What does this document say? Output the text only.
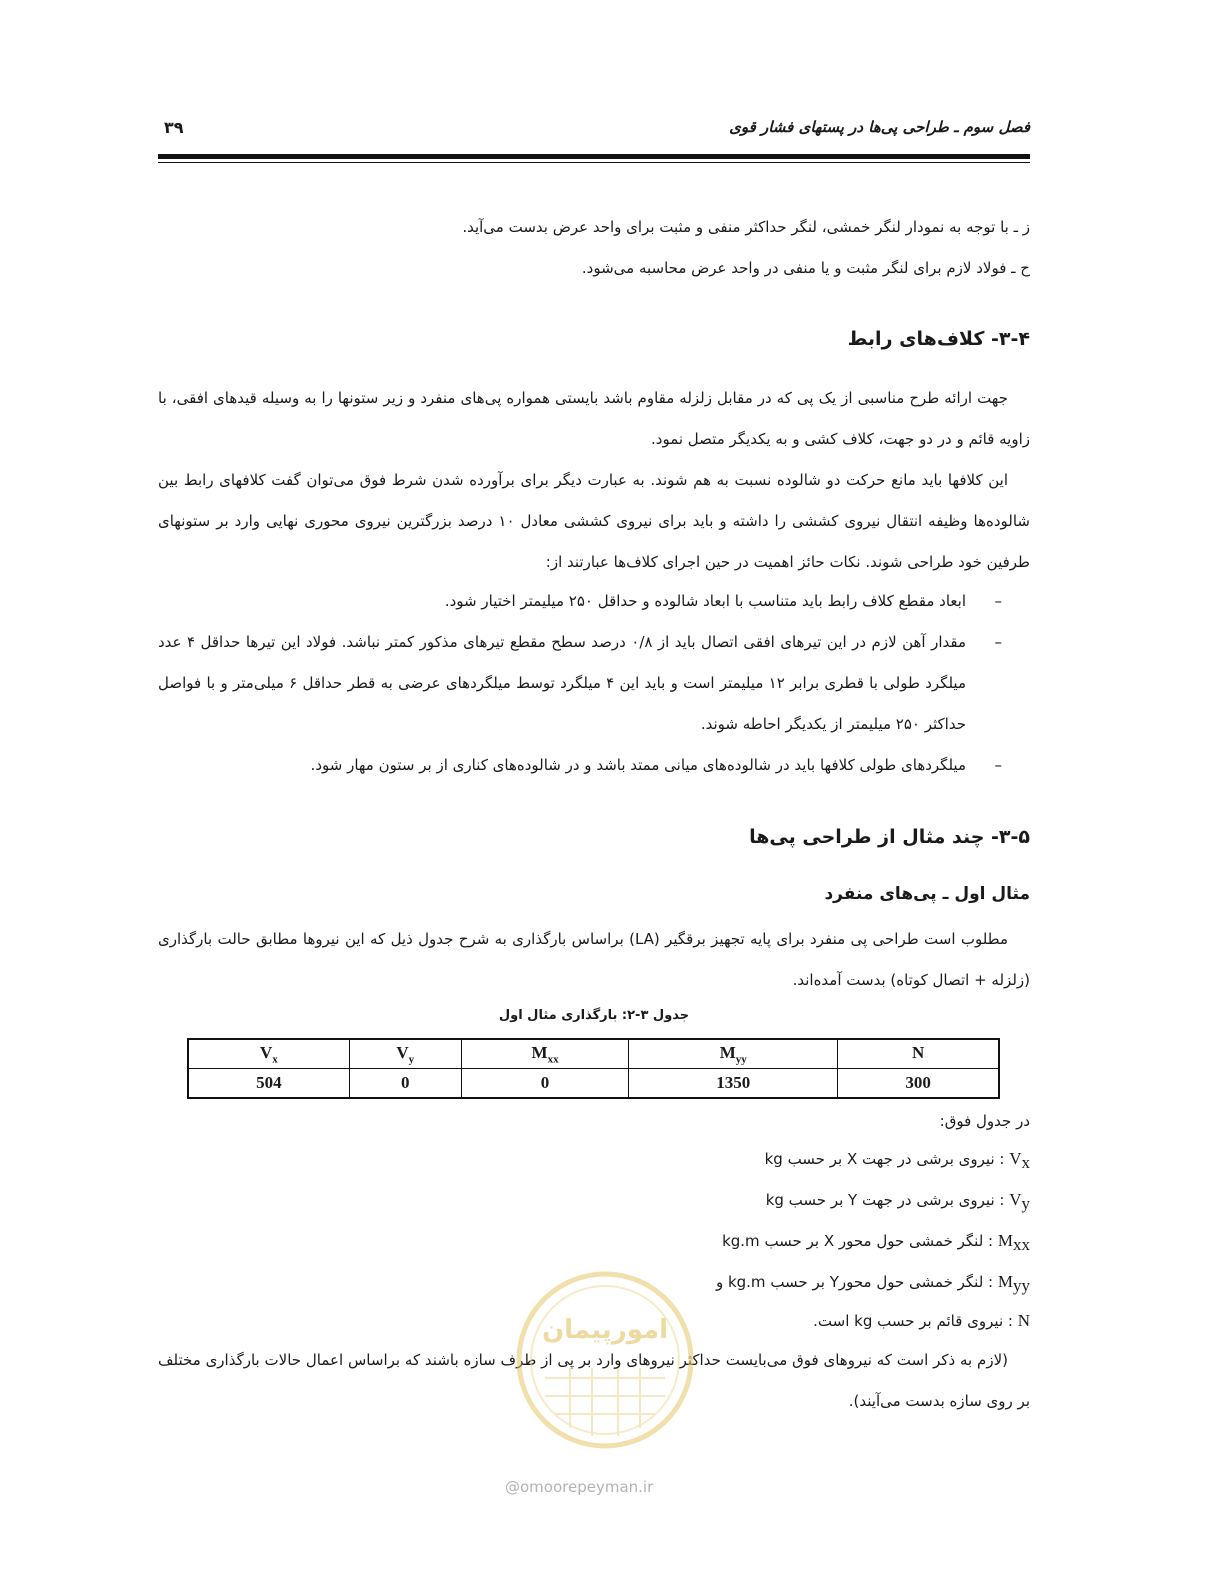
فصل سوم ـ طراحی پی‌ها در پستهای فشار قوی
۳۹
ز ـ با توجه به نمودار لنگر خمشی، لنگر حداکثر منفی و مثبت برای واحد عرض بدست می‌آید.
ح ـ فولاد لازم برای لنگر مثبت و یا منفی در واحد عرض محاسبه می‌شود.
۳-۴- کلاف‌های رابط

جهت ارائه طرح مناسبی از یک پی که در مقابل زلزله مقاوم باشد بایستی همواره پی‌های منفرد و زیر ستونها را به وسیله قیدهای افقی، با زاویه قائم و در دو جهت، کلاف کشی و به یکدیگر متصل نمود.

این کلافها باید مانع حرکت دو شالوده نسبت به هم شوند. به عبارت دیگر برای برآورده شدن شرط فوق می‌توان گفت کلافهای رابط بین شالوده‌ها وظیفه انتقال نیروی کششی را داشته و باید برای نیروی کششی معادل ۱۰ درصد بزرگترین نیروی محوری نهایی وارد بر ستونهای طرفین خود طراحی شوند. نکات حائز اهمیت در حین اجرای کلاف‌ها عبارتند از:

–
ابعاد مقطع کلاف رابط باید متناسب با ابعاد شالوده و حداقل ۲۵۰ میلیمتر اختیار شود.
–
مقدار آهن لازم در این تیرهای افقی اتصال باید از ۰/۸ درصد سطح مقطع تیرهای مذکور کمتر نباشد. فولاد این تیرها حداقل ۴ عدد میلگرد طولی با قطری برابر ۱۲ میلیمتر است و باید این ۴ میلگرد توسط میلگردهای عرضی به قطر حداقل ۶ میلی‌متر و با فواصل حداکثر ۲۵۰ میلیمتر از یکدیگر احاطه شوند.
–
میلگردهای طولی کلافها باید در شالوده‌های میانی ممتد باشد و در شالوده‌های کناری از بر ستون مهار شود.
۳-۵- چند مثال از طراحی پی‌ها
مثال اول ـ پی‌های منفرد

مطلوب است طراحی پی منفرد برای پایه تجهیز برقگیر (LA) براساس بارگذاری به شرح جدول ذیل که این نیروها مطابق حالت بارگذاری (زلزله + اتصال کوتاه) بدست آمده‌اند.

جدول ۳-۲: بارگذاری مثال اول
$V_x$	$V_y$	$M_{xx}$	$M_{yy}$	N
504	0	0	1350	300
در جدول فوق:
$V_x$ : نیروی برشی در جهت X بر حسب kg
$V_y$ : نیروی برشی در جهت Y بر حسب kg
$M_{xx}$ : لنگر خمشی حول محور X بر حسب kg.m
$M_{yy}$ : لنگر خمشی حول محورY بر حسب kg.m و
N : نیروی قائم بر حسب kg است.

(لازم به ذکر است که نیروهای فوق می‌بایست حداکثر نیروهای وارد بر پی از طرف سازه باشند که براساس اعمال حالات بارگذاری مختلف بر روی سازه بدست می‌آیند).

امورپیمان
@omoorepeyman.ir
